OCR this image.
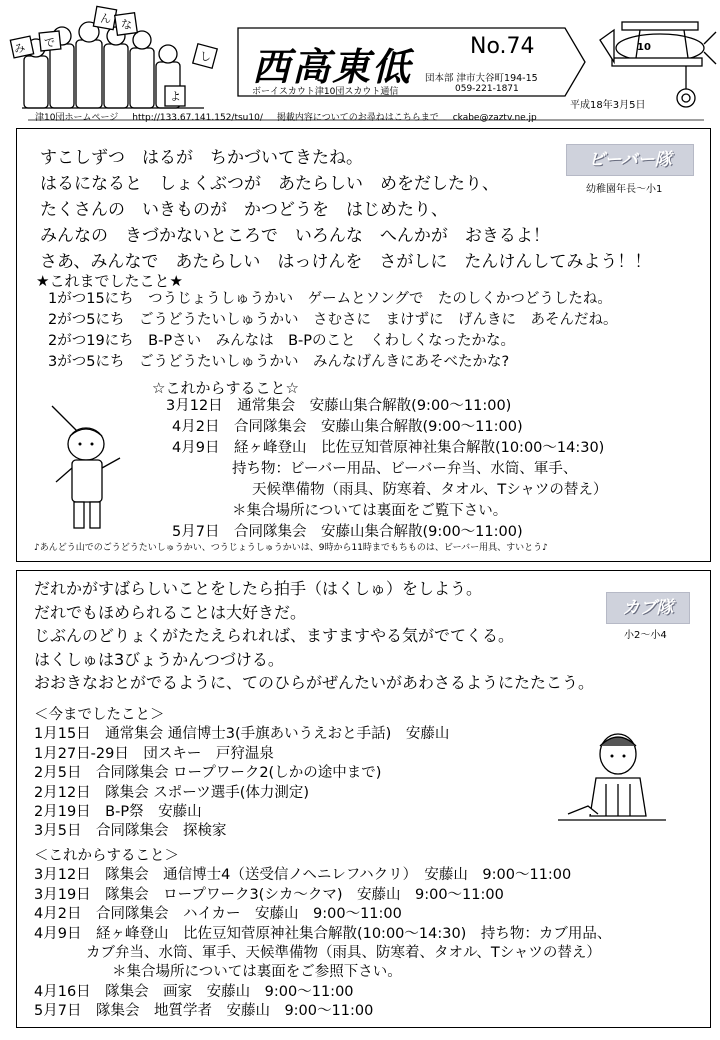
み
ん な
で
し
よ
10
西高東低	No.74
団本部 津市大谷町194-15
ボーイスカウト津10団スカウト通信	059-221-1871
平成18年3月5日
津10団ホームページ http://133.67.141.152/tsu10/ 掲載内容についてのお尋ねはこちらまで ckabe@zaztv.ne.jp
ビーバー隊
幼稚園年長～小1
すこしずつ　はるが　ちかづいてきたね。
はるになると　しょくぶつが　あたらしい　めをだしたり、
たくさんの　いきものが　かつどうを　はじめたり、
みんなの　きづかないところで　いろんな　へんかが　おきるよ！
さあ、みんなで　あたらしい　はっけんを　さがしに　たんけんしてみよう！！
★これまでしたこと★
1がつ15にち　つうじょうしゅうかい　ゲームとソングで　たのしくかつどうしたね。
2がつ5にち　ごうどうたいしゅうかい　さむさに　まけずに　げんきに　あそんだね。
2がつ19にち　B-Pさい　みんなは　B-Pのこと　くわしくなったかな。
3がつ5にち　ごうどうたいしゅうかい　みんなげんきにあそべたかな?
☆これからすること☆
3月12日　通常集会　安藤山集合解散(9:00～11:00)
4月2日　合同隊集会　安藤山集合解散(9:00～11:00)
4月9日　経ヶ峰登山　比佐豆知菅原神社集合解散(10:00～14:30)
持ち物：ビーバー用品、ビーバー弁当、水筒、軍手、
天候準備物（雨具、防寒着、タオル、Tシャツの替え）
＊集合場所については裏面をご覧下さい。
5月7日　合同隊集会　安藤山集合解散(9:00～11:00)
♪あんどう山でのごうどうたいしゅうかい、つうじょうしゅうかいは、9時から11時までもちものは、ビーバー用具、すいとう♪
カブ隊
小2～小4
だれかがすばらしいことをしたら拍手（はくしゅ）をしよう。
だれでもほめられることは大好きだ。
じぶんのどりょくがたたえられれば、ますますやる気がでてくる。
はくしゅは3びょうかんつづける。
おおきなおとがでるように、てのひらがぜんたいがあわさるようにたたこう。
＜今までしたこと＞
1月15日　通常集会 通信博士3(手旗あいうえおと手話)　安藤山
1月27日-29日　団スキー　戸狩温泉
2月5日　合同隊集会 ロープワーク2(しかの途中まで)
2月12日　隊集会 スポーツ選手(体力測定)
2月19日　B-P祭　安藤山
3月5日　合同隊集会　探検家
＜これからすること＞
3月12日　隊集会　通信博士4（送受信ノヘニレフハクリ）　安藤山　9:00～11:00
3月19日　隊集会　ロープワーク3(シカ～クマ)　安藤山　9:00～11:00
4月2日　合同隊集会　ハイカー　安藤山　9:00～11:00
4月9日　経ヶ峰登山　比佐豆知菅原神社集合解散(10:00～14:30)　持ち物：カブ用品、
カブ弁当、水筒、軍手、天候準備物（雨具、防寒着、タオル、Tシャツの替え）
＊集合場所については裏面をご参照下さい。
4月16日　隊集会　画家　安藤山　9:00～11:00
5月7日　隊集会　地質学者　安藤山　9:00～11:00
